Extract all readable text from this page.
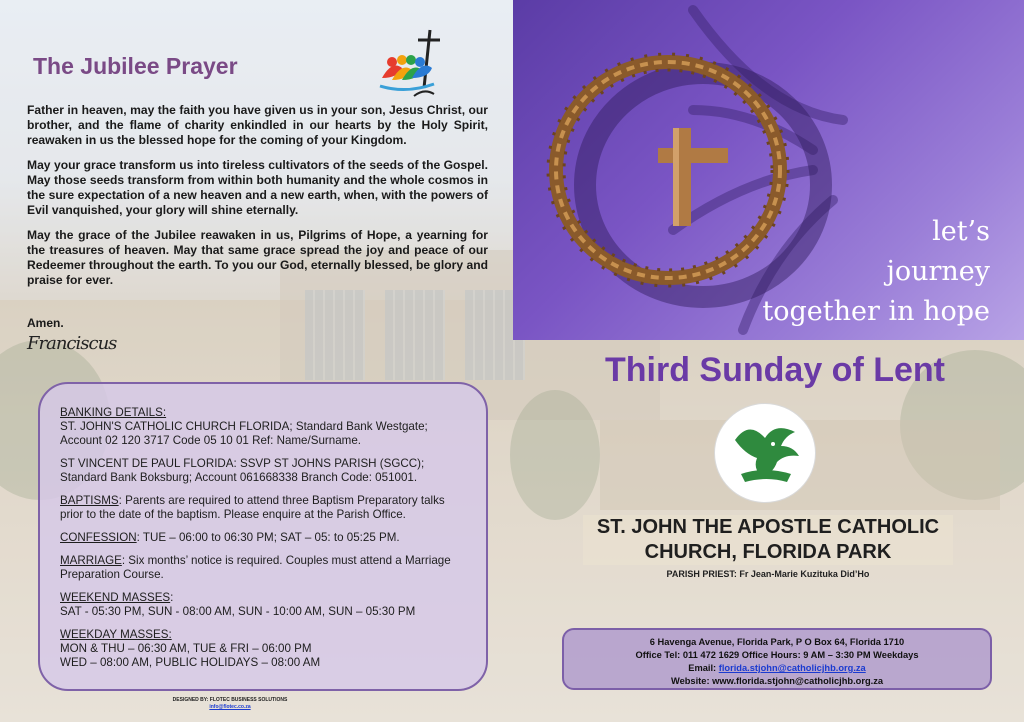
The Jubilee Prayer

Father in heaven, may the faith you have given us in your son, Jesus Christ, our brother, and the flame of charity enkindled in our hearts by the Holy Spirit, reawaken in us the blessed hope for the coming of your Kingdom.

May your grace transform us into tireless cultivators of the seeds of the Gospel. May those seeds transform from within both humanity and the whole cosmos in the sure expectation of a new heaven and a new earth, when, with the powers of Evil vanquished, your glory will shine eternally.

May the grace of the Jubilee reawaken in us, Pilgrims of Hope, a yearning for the treasures of heaven. May that same grace spread the joy and peace of our Redeemer throughout the earth. To you our God, eternally blessed, be glory and praise for ever.

Amen.
Franciscus
let’s
journey
together in hope
Third Sunday of Lent
ST. JOHN THE APOSTLE CATHOLIC
CHURCH, FLORIDA PARK
PARISH PRIEST: Fr Jean-Marie Kuzituka Did’Ho
BANKING DETAILS:
ST. JOHN'S CATHOLIC CHURCH FLORIDA; Standard Bank Westgate; Account 02 120 3717 Code 05 10 01 Ref: Name/Surname.
ST VINCENT DE PAUL FLORIDA: SSVP ST JOHNS PARISH (SGCC); Standard Bank Boksburg; Account 061668338 Branch Code: 051001.
BAPTISMS: Parents are required to attend three Baptism Preparatory talks prior to the date of the baptism. Please enquire at the Parish Office.
CONFESSION: TUE – 06:00 to 06:30 PM; SAT – 05: to 05:25 PM.
MARRIAGE: Six months’ notice is required. Couples must attend a Marriage Preparation Course.
WEEKEND MASSES:
SAT - 05:30 PM, SUN - 08:00 AM, SUN - 10:00 AM, SUN – 05:30 PM
WEEKDAY MASSES:
MON & THU – 06:30 AM, TUE & FRI – 06:00 PM
WED – 08:00 AM, PUBLIC HOLIDAYS – 08:00 AM
6 Havenga Avenue, Florida Park, P O Box 64, Florida 1710
Office Tel: 011 472 1629 Office Hours: 9 AM – 3:30 PM Weekdays
Email: florida.stjohn@catholicjhb.org.za
Website: www.florida.stjohn@catholicjhb.org.za
DESIGNED BY: FLOTEC BUSINESS SOLUTIONS
info@flotec.co.za
